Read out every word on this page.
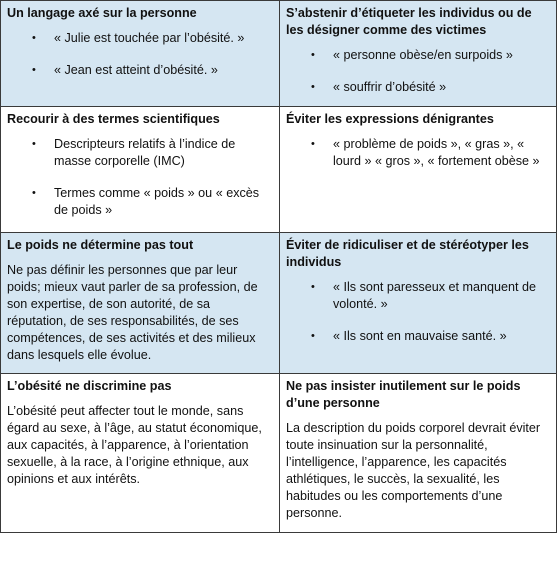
Un langage axé sur la personne
• « Julie est touchée par l’obésité. »
• « Jean est atteint d’obésité. »
S’abstenir d’étiqueter les individus ou de les désigner comme des victimes
• « personne obèse/en surpoids »
• « souffrir d’obésité »
Recourir à des termes scientifiques
• Descripteurs relatifs à l’indice de masse corporelle (IMC)
• Termes comme « poids » ou « excès de poids »
Éviter les expressions dénigrantes
• « problème de poids », « gras », « lourd » « gros », « fortement obèse »
Le poids ne détermine pas tout

Ne pas définir les personnes que par leur poids; mieux vaut parler de sa profession, de son expertise, de son autorité, de sa réputation, de ses responsabilités, de ses compétences, de ses activités et des milieux dans lesquels elle évolue.

Éviter de ridiculiser et de stéréotyper les individus
• « Ils sont paresseux et manquent de volonté. »
• « Ils sont en mauvaise santé. »
L’obésité ne discrimine pas

L’obésité peut affecter tout le monde, sans égard au sexe, à l’âge, au statut économique, aux capacités, à l’apparence, à l’orientation sexuelle, à la race, à l’origine ethnique, aux opinions et aux intérêts.

Ne pas insister inutilement sur le poids d’une personne

La description du poids corporel devrait éviter toute insinuation sur la personnalité, l’intelligence, l’apparence, les capacités athlétiques, le succès, la sexualité, les habitudes ou les comportements d’une personne.
